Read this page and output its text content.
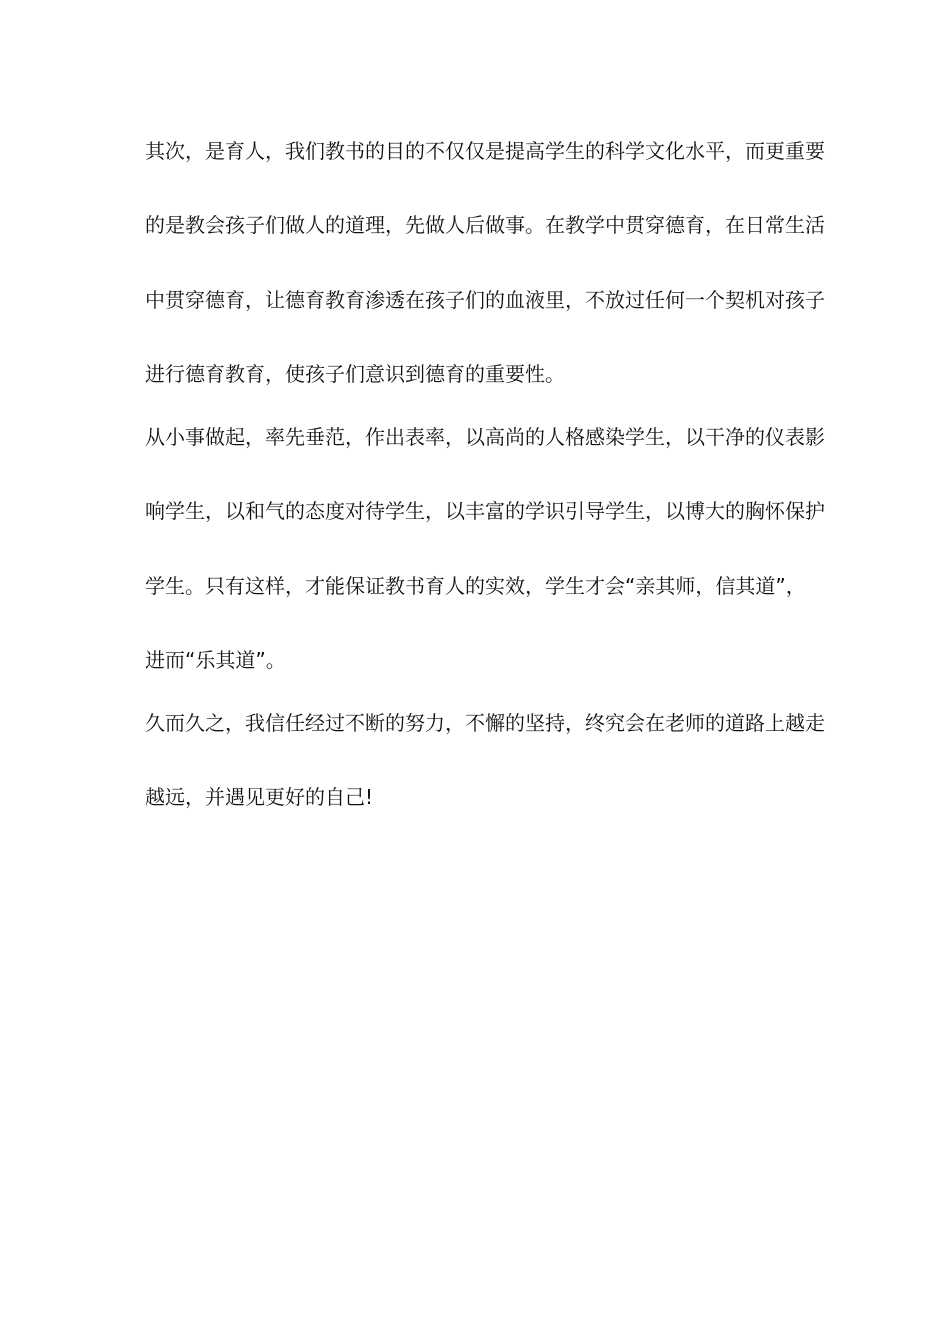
其次，是育人，我们教书的目的不仅仅是提高学生的科学文化水平，而更重要
的是教会孩子们做人的道理，先做人后做事。在教学中贯穿德育，在日常生活
中贯穿德育，让德育教育渗透在孩子们的血液里，不放过任何一个契机对孩子
进行德育教育，使孩子们意识到德育的重要性。
从小事做起，率先垂范，作出表率，以高尚的人格感染学生，以干净的仪表影
响学生，以和气的态度对待学生，以丰富的学识引导学生，以博大的胸怀保护
学生。只有这样，才能保证教书育人的实效，学生才会“亲其师，信其道”，
进而“乐其道”。
久而久之，我信任经过不断的努力，不懈的坚持，终究会在老师的道路上越走
越远，并遇见更好的自己!
